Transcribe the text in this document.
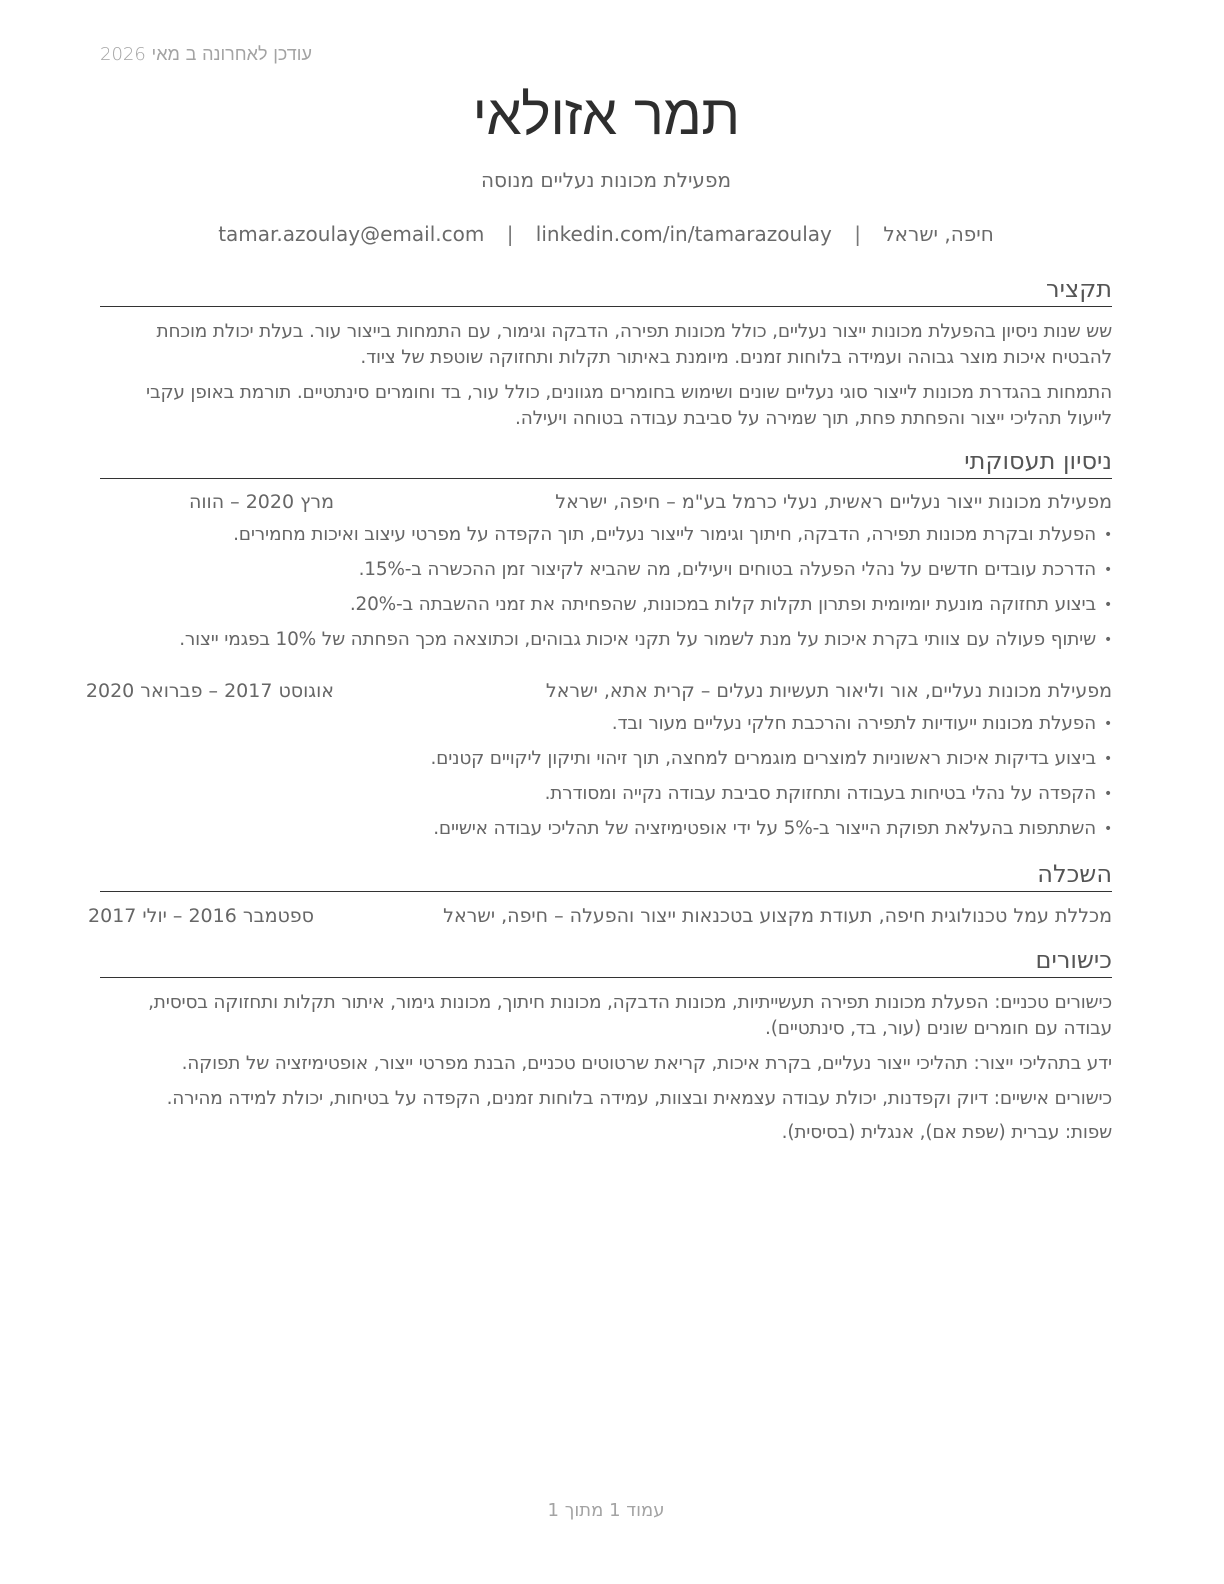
עודכן לאחרונה ב מאי 2026
תמר אזולאי
מפעילת מכונות נעליים מנוסה
חיפה, ישראל | tamar.azoulay@email.com | linkedin.com/in/tamarazoulay
תקציר
שש שנות ניסיון בהפעלת מכונות ייצור נעליים, כולל מכונות תפירה, הדבקה וגימור, עם התמחות בייצור עור. בעלת יכולת מוכחת להבטיח איכות מוצר גבוהה ועמידה בלוחות זמנים. מיומנת באיתור תקלות ותחזוקה שוטפת של ציוד.
התמחות בהגדרת מכונות לייצור סוגי נעליים שונים ושימוש בחומרים מגוונים, כולל עור, בד וחומרים סינתטיים. תורמת באופן עקבי לייעול תהליכי ייצור והפחתת פחת, תוך שמירה על סביבת עבודה בטוחה ויעילה.
ניסיון תעסוקתי
מפעילת מכונות ייצור נעליים ראשית, נעלי כרמל בע"מ – חיפה, ישראל
מרץ 2020 – הווה
•
הפעלת ובקרת מכונות תפירה, הדבקה, חיתוך וגימור לייצור נעליים, תוך הקפדה על מפרטי עיצוב ואיכות מחמירים.
•
הדרכת עובדים חדשים על נהלי הפעלה בטוחים ויעילים, מה שהביא לקיצור זמן ההכשרה ב-15%.
•
ביצוע תחזוקה מונעת יומיומית ופתרון תקלות קלות במכונות, שהפחיתה את זמני ההשבתה ב-20%.
•
שיתוף פעולה עם צוותי בקרת איכות על מנת לשמור על תקני איכות גבוהים, וכתוצאה מכך הפחתה של 10% בפגמי ייצור.
מפעילת מכונות נעליים, אור וליאור תעשיות נעלים – קרית אתא, ישראל
אוגוסט 2017 – פברואר 2020
•
הפעלת מכונות ייעודיות לתפירה והרכבת חלקי נעליים מעור ובד.
•
ביצוע בדיקות איכות ראשוניות למוצרים מוגמרים למחצה, תוך זיהוי ותיקון ליקויים קטנים.
•
הקפדה על נהלי בטיחות בעבודה ותחזוקת סביבת עבודה נקייה ומסודרת.
•
השתתפות בהעלאת תפוקת הייצור ב-5% על ידי אופטימיזציה של תהליכי עבודה אישיים.
השכלה
מכללת עמל טכנולוגית חיפה, תעודת מקצוע בטכנאות ייצור והפעלה – חיפה, ישראל
ספטמבר 2016 – יולי 2017
כישורים
כישורים טכניים: הפעלת מכונות תפירה תעשייתיות, מכונות הדבקה, מכונות חיתוך, מכונות גימור, איתור תקלות ותחזוקה בסיסית, עבודה עם חומרים שונים (עור, בד, סינתטיים).
ידע בתהליכי ייצור: תהליכי ייצור נעליים, בקרת איכות, קריאת שרטוטים טכניים, הבנת מפרטי ייצור, אופטימיזציה של תפוקה.
כישורים אישיים: דיוק וקפדנות, יכולת עבודה עצמאית ובצוות, עמידה בלוחות זמנים, הקפדה על בטיחות, יכולת למידה מהירה.
שפות: עברית (שפת אם), אנגלית (בסיסית).
עמוד 1 מתוך 1
